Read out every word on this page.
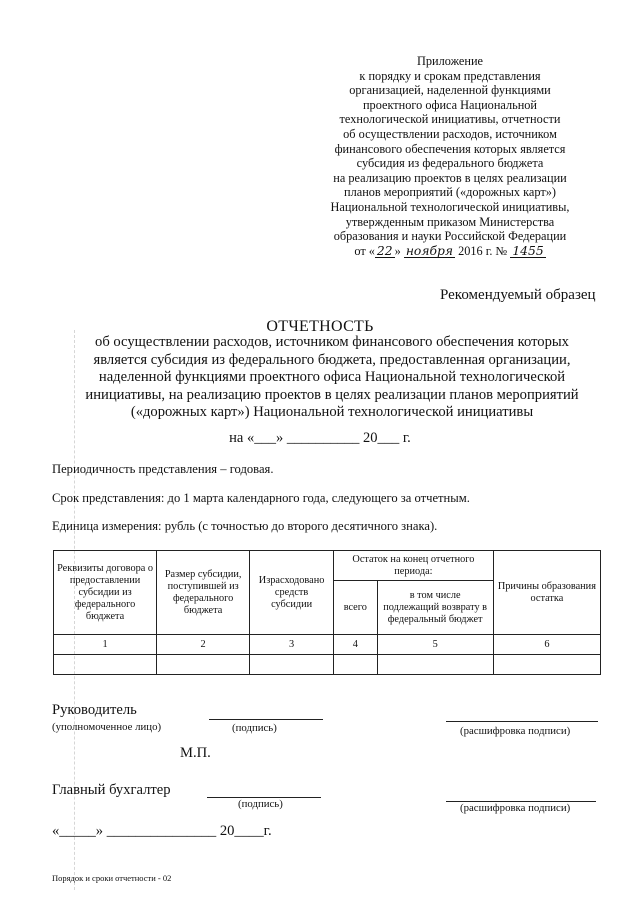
Приложение
к порядку и срокам представления
организацией, наделенной функциями
проектного офиса Национальной
технологической инициативы, отчетности
об осуществлении расходов, источником
финансового обеспечения которых является
субсидия из федерального бюджета
на реализацию проектов в целях реализации
планов мероприятий («дорожных карт»)
Национальной технологической инициативы,
утвержденным приказом Министерства
образования и науки Российской Федерации
от « 22 » ноября 2016 г. № 1455
Рекомендуемый образец
ОТЧЕТНОСТЬ
об осуществлении расходов, источником финансового обеспечения которых
является субсидия из федерального бюджета, предоставленная организации,
наделенной функциями проектного офиса Национальной технологической
инициативы, на реализацию проектов в целях реализации планов мероприятий
(«дорожных карт») Национальной технологической инициативы
на «___» __________ 20___ г.
Периодичность представления – годовая.
Срок представления: до 1 марта календарного года, следующего за отчетным.
Единица измерения: рубль (с точностью до второго десятичного знака).
Реквизиты договора о предоставлении субсидии из федерального бюджета	Размер субсидии, поступившей из федерального бюджета	Израсходовано средств субсидии	Остаток на конец отчетного периода:		Причины образования остатка
			всего	в том числе подлежащий возврату в федеральный бюджет	
1	2	3	4	5	6

Руководитель
(уполномоченное лицо)	(подпись)	(расшифровка подписи)
М.П.
Главный бухгалтер
(подпись)	(расшифровка подписи)
«_____» _______________ 20____г.
Порядок и сроки отчетности - 02
